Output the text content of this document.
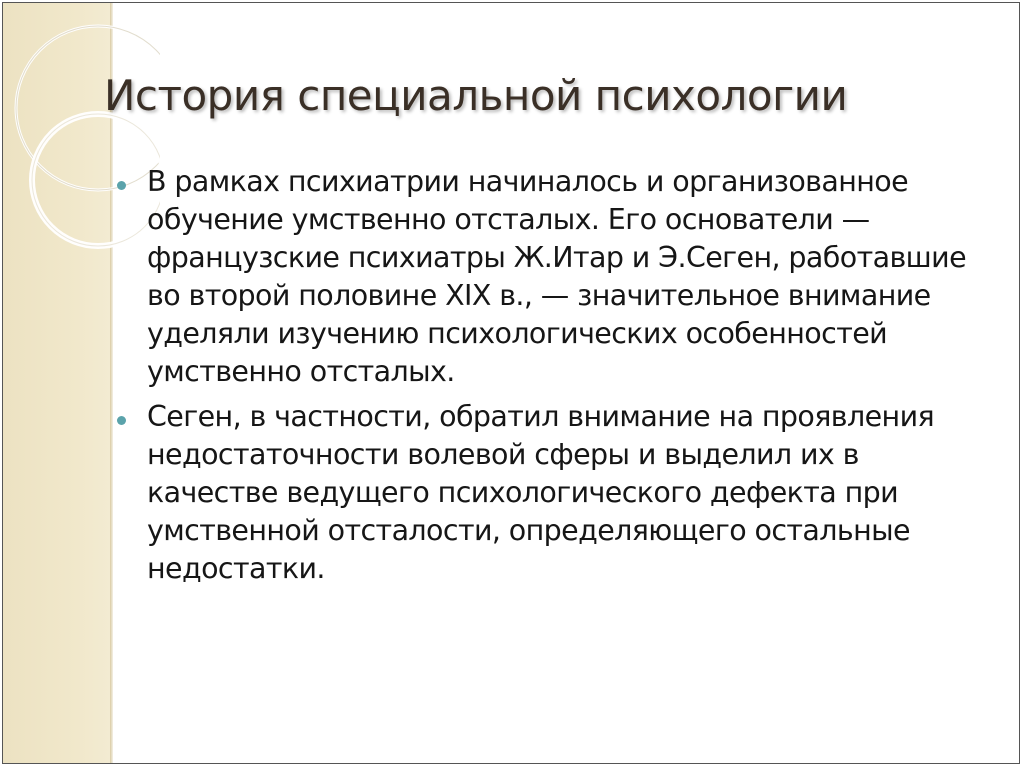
История специальной психологии
В рамках психиатрии начиналось и организованное обучение умственно отсталых. Его основатели — французские психиатры Ж.Итар и Э.Сеген, работавшие во второй половине XIX в., — значительное внимание уделяли изучению психологических особенностей умственно отсталых.
Сеген, в частности, обратил внимание на проявления недостаточности волевой сферы и выделил их в качестве ведущего психологического дефекта при умственной отсталости, определяющего остальные недостатки.
